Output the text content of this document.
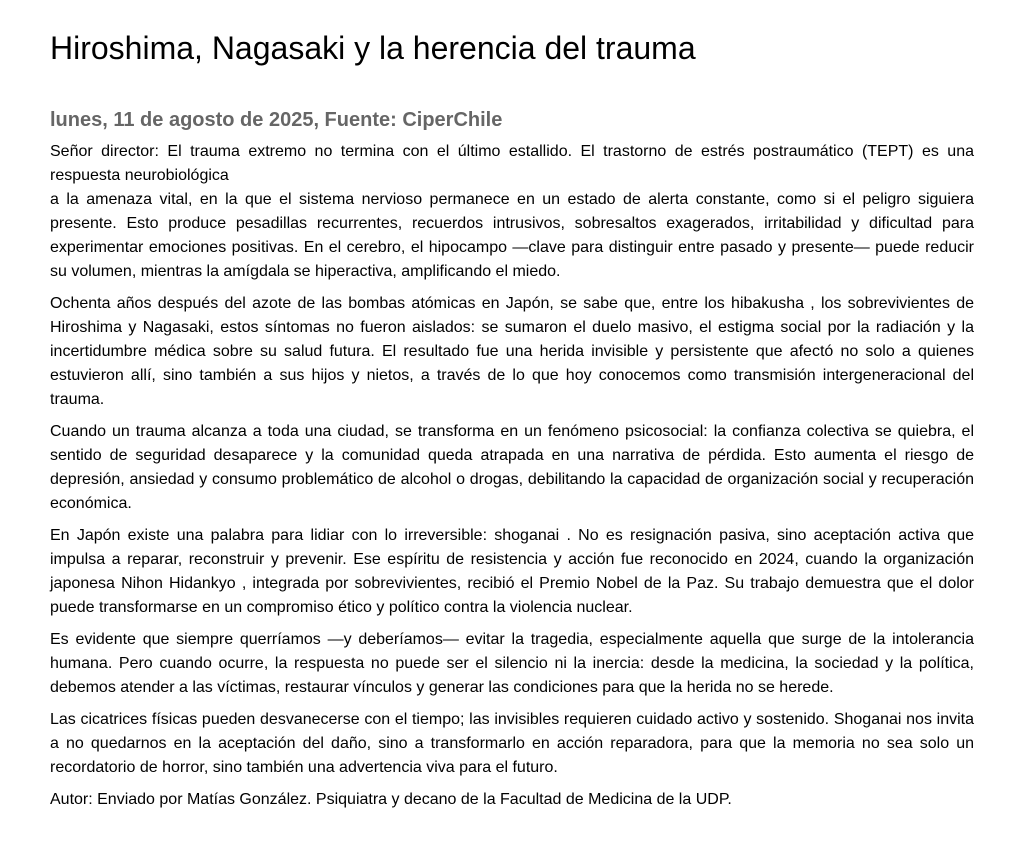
Hiroshima, Nagasaki y la herencia del trauma
lunes, 11 de agosto de 2025, Fuente: CiperChile
Señor director: El trauma extremo no termina con el último estallido. El trastorno de estrés postraumático (TEPT) es una
respuesta neurobiológica
a la amenaza vital, en la que el sistema nervioso permanece en un estado de alerta constante, como si el peligro siguiera presente. Esto produce pesadillas recurrentes, recuerdos intrusivos, sobresaltos exagerados, irritabilidad y dificultad para experimentar emociones positivas. En el cerebro, el hipocampo —clave para distinguir entre pasado y presente— puede reducir su volumen, mientras la amígdala se hiperactiva, amplificando el miedo.

Ochenta años después del azote de las bombas atómicas en Japón, se sabe que, entre los hibakusha , los sobrevivientes de Hiroshima y Nagasaki, estos síntomas no fueron aislados: se sumaron el duelo masivo, el estigma social por la radiación y la incertidumbre médica sobre su salud futura. El resultado fue una herida invisible y persistente que afectó no solo a quienes estuvieron allí, sino también a sus hijos y nietos, a través de lo que hoy conocemos como transmisión intergeneracional del trauma.

Cuando un trauma alcanza a toda una ciudad, se transforma en un fenómeno psicosocial: la confianza colectiva se quiebra, el sentido de seguridad desaparece y la comunidad queda atrapada en una narrativa de pérdida. Esto aumenta el riesgo de depresión, ansiedad y consumo problemático de alcohol o drogas, debilitando la capacidad de organización social y recuperación económica.

En Japón existe una palabra para lidiar con lo irreversible: shoganai . No es resignación pasiva, sino aceptación activa que impulsa a reparar, reconstruir y prevenir. Ese espíritu de resistencia y acción fue reconocido en 2024, cuando la organización japonesa Nihon Hidankyo , integrada por sobrevivientes, recibió el Premio Nobel de la Paz. Su trabajo demuestra que el dolor puede transformarse en un compromiso ético y político contra la violencia nuclear.

Es evidente que siempre querríamos —y deberíamos— evitar la tragedia, especialmente aquella que surge de la intolerancia humana. Pero cuando ocurre, la respuesta no puede ser el silencio ni la inercia: desde la medicina, la sociedad y la política, debemos atender a las víctimas, restaurar vínculos y generar las condiciones para que la herida no se herede.

Las cicatrices físicas pueden desvanecerse con el tiempo; las invisibles requieren cuidado activo y sostenido. Shoganai nos invita a no quedarnos en la aceptación del daño, sino a transformarlo en acción reparadora, para que la memoria no sea solo un recordatorio de horror, sino también una advertencia viva para el futuro.

Autor: Enviado por Matías González. Psiquiatra y decano de la Facultad de Medicina de la UDP.
